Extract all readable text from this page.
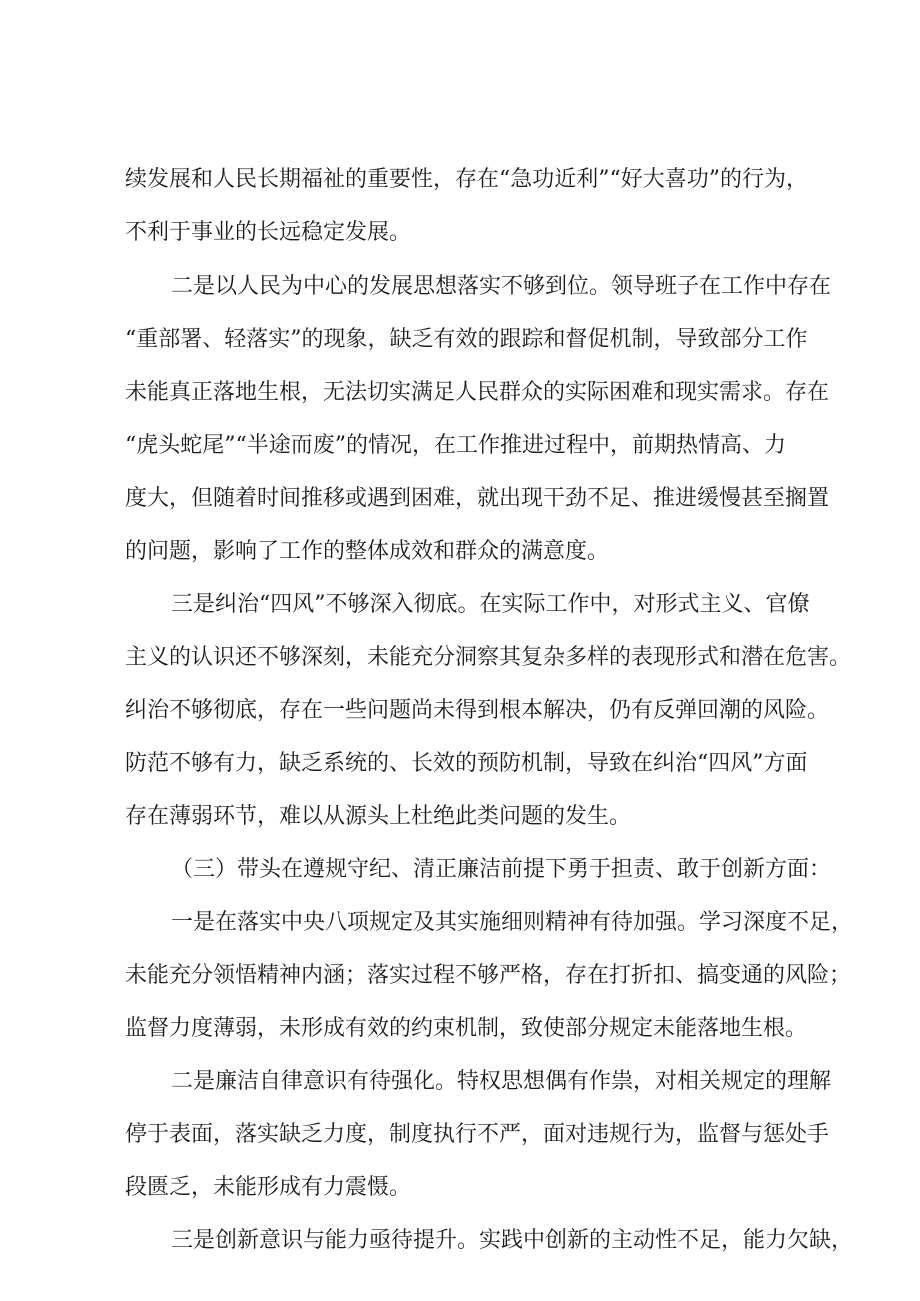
续发展和人民长期福祉的重要性，存在“急功近利”“好大喜功”的行为，

不利于事业的长远稳定发展。

二是以人民为中心的发展思想落实不够到位。领导班子在工作中存在

“重部署、轻落实”的现象，缺乏有效的跟踪和督促机制，导致部分工作

未能真正落地生根，无法切实满足人民群众的实际困难和现实需求。存在

“虎头蛇尾”“半途而废”的情况，在工作推进过程中，前期热情高、力

度大，但随着时间推移或遇到困难，就出现干劲不足、推进缓慢甚至搁置

的问题，影响了工作的整体成效和群众的满意度。

三是纠治“四风”不够深入彻底。在实际工作中，对形式主义、官僚

主义的认识还不够深刻，未能充分洞察其复杂多样的表现形式和潜在危害。

纠治不够彻底，存在一些问题尚未得到根本解决，仍有反弹回潮的风险。

防范不够有力，缺乏系统的、长效的预防机制，导致在纠治“四风”方面

存在薄弱环节，难以从源头上杜绝此类问题的发生。

（三）带头在遵规守纪、清正廉洁前提下勇于担责、敢于创新方面：

一是在落实中央八项规定及其实施细则精神有待加强。学习深度不足，

未能充分领悟精神内涵；落实过程不够严格，存在打折扣、搞变通的风险；

监督力度薄弱，未形成有效的约束机制，致使部分规定未能落地生根。

二是廉洁自律意识有待强化。特权思想偶有作祟，对相关规定的理解

停于表面，落实缺乏力度，制度执行不严，面对违规行为，监督与惩处手

段匮乏，未能形成有力震慑。

三是创新意识与能力亟待提升。实践中创新的主动性不足，能力欠缺，
